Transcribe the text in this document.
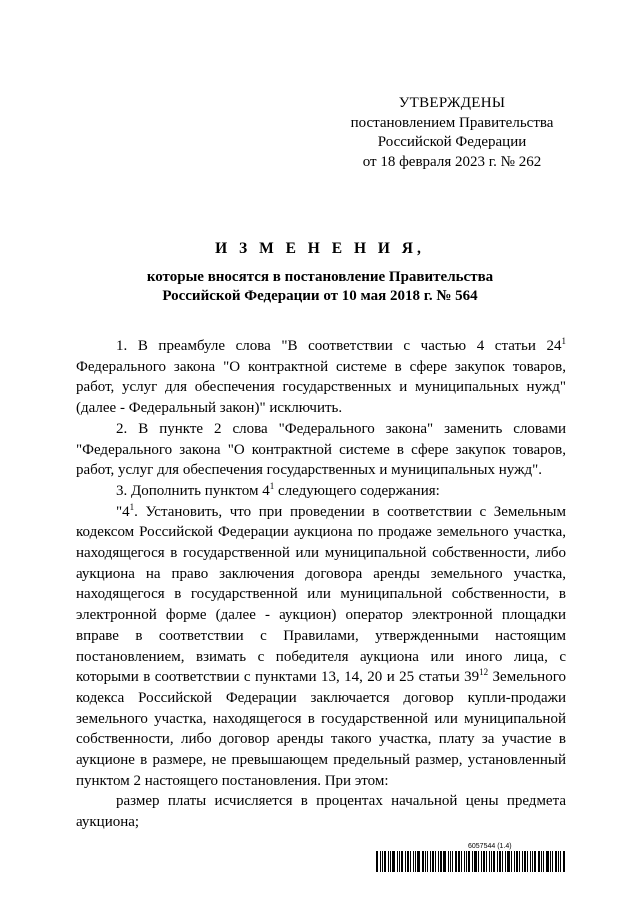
УТВЕРЖДЕНЫ
постановлением Правительства
Российской Федерации
от 18 февраля 2023 г. № 262
И З М Е Н Е Н И Я,
которые вносятся в постановление Правительства
Российской Федерации от 10 мая 2018 г. № 564

1. В преамбуле слова "В соответствии с частью 4 статьи $24^1$ Федерального закона "О контрактной системе в сфере закупок товаров, работ, услуг для обеспечения государственных и муниципальных нужд" (далее - Федеральный закон)" исключить.

2. В пункте 2 слова "Федерального закона" заменить словами "Федерального закона "О контрактной системе в сфере закупок товаров, работ, услуг для обеспечения государственных и муниципальных нужд".

3. Дополнить пунктом $4^1$ следующего содержания:

"$4^1$. Установить, что при проведении в соответствии с Земельным кодексом Российской Федерации аукциона по продаже земельного участка, находящегося в государственной или муниципальной собственности, либо аукциона на право заключения договора аренды земельного участка, находящегося в государственной или муниципальной собственности, в электронной форме (далее - аукцион) оператор электронной площадки вправе в соответствии с Правилами, утвержденными настоящим постановлением, взимать с победителя аукциона или иного лица, с которыми в соответствии с пунктами 13, 14, 20 и 25 статьи $39^{12}$ Земельного кодекса Российской Федерации заключается договор купли-продажи земельного участка, находящегося в государственной или муниципальной собственности, либо договор аренды такого участка, плату за участие в аукционе в размере, не превышающем предельный размер, установленный пунктом 2 настоящего постановления. При этом:

размер платы исчисляется в процентах начальной цены предмета аукциона;

6057544 (1.4)
